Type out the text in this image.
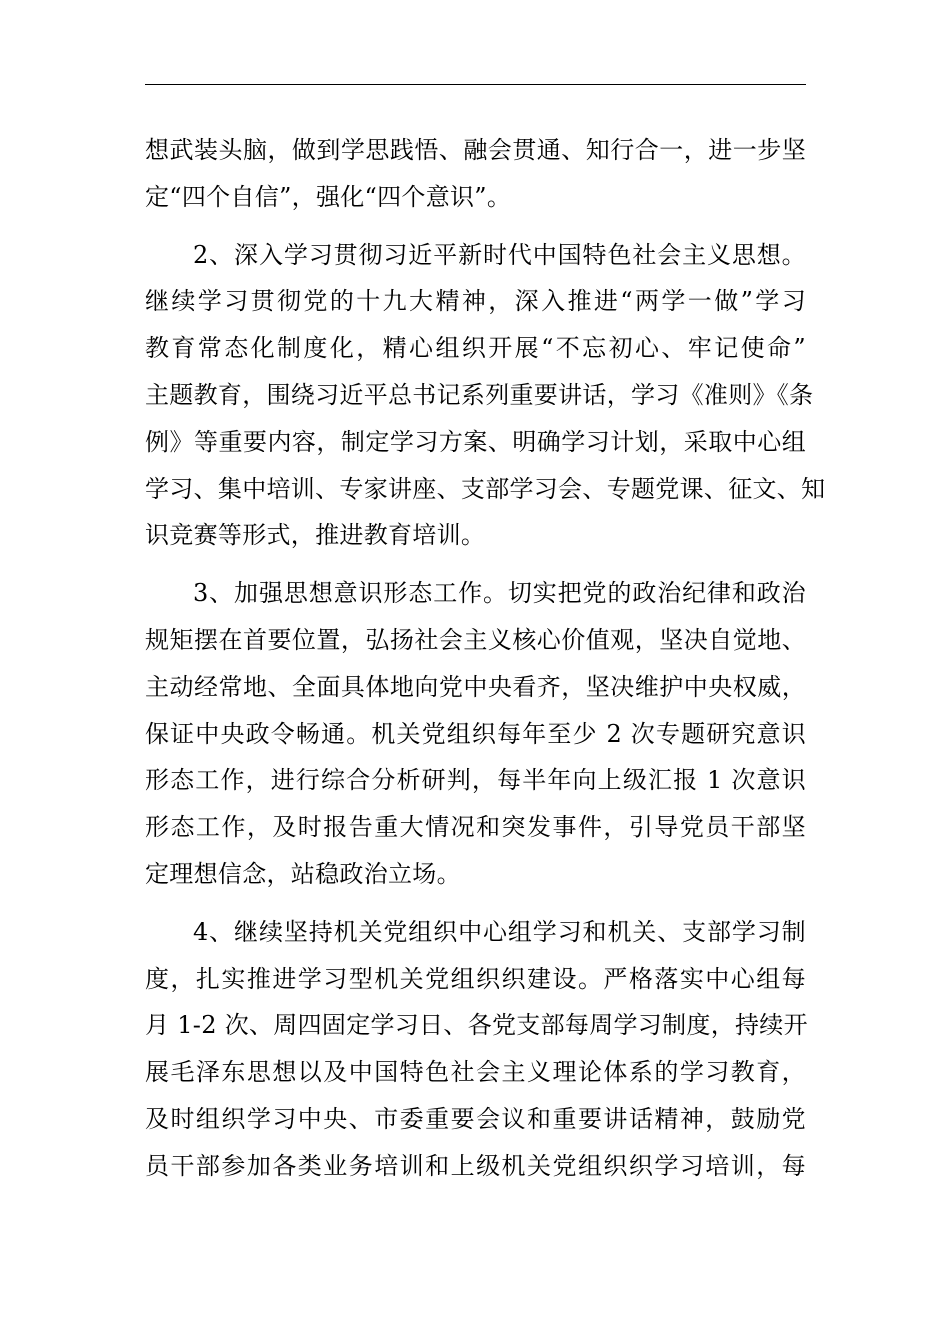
想武装头脑，做到学思践悟、融会贯通、知行合一，进一步坚
定“四个自信”，强化“四个意识”。
2、深入学习贯彻习近平新时代中国特色社会主义思想。
继续学习贯彻党的十九大精神，深入推进“两学一做”学习
教育常态化制度化，精心组织开展“不忘初心、牢记使命”
主题教育，围绕习近平总书记系列重要讲话，学习《准则》《条
例》等重要内容，制定学习方案、明确学习计划，采取中心组
学习、集中培训、专家讲座、支部学习会、专题党课、征文、知
识竞赛等形式，推进教育培训。
3、加强思想意识形态工作。切实把党的政治纪律和政治
规矩摆在首要位置，弘扬社会主义核心价值观，坚决自觉地、
主动经常地、全面具体地向党中央看齐，坚决维护中央权威，
保证中央政令畅通。机关党组织每年至少 2 次专题研究意识
形态工作，进行综合分析研判，每半年向上级汇报 1 次意识
形态工作，及时报告重大情况和突发事件，引导党员干部坚
定理想信念，站稳政治立场。
4、继续坚持机关党组织中心组学习和机关、支部学习制
度，扎实推进学习型机关党组织织建设。严格落实中心组每
月 1-2 次、周四固定学习日、各党支部每周学习制度，持续开
展毛泽东思想以及中国特色社会主义理论体系的学习教育，
及时组织学习中央、市委重要会议和重要讲话精神，鼓励党
员干部参加各类业务培训和上级机关党组织织学习培训，每
